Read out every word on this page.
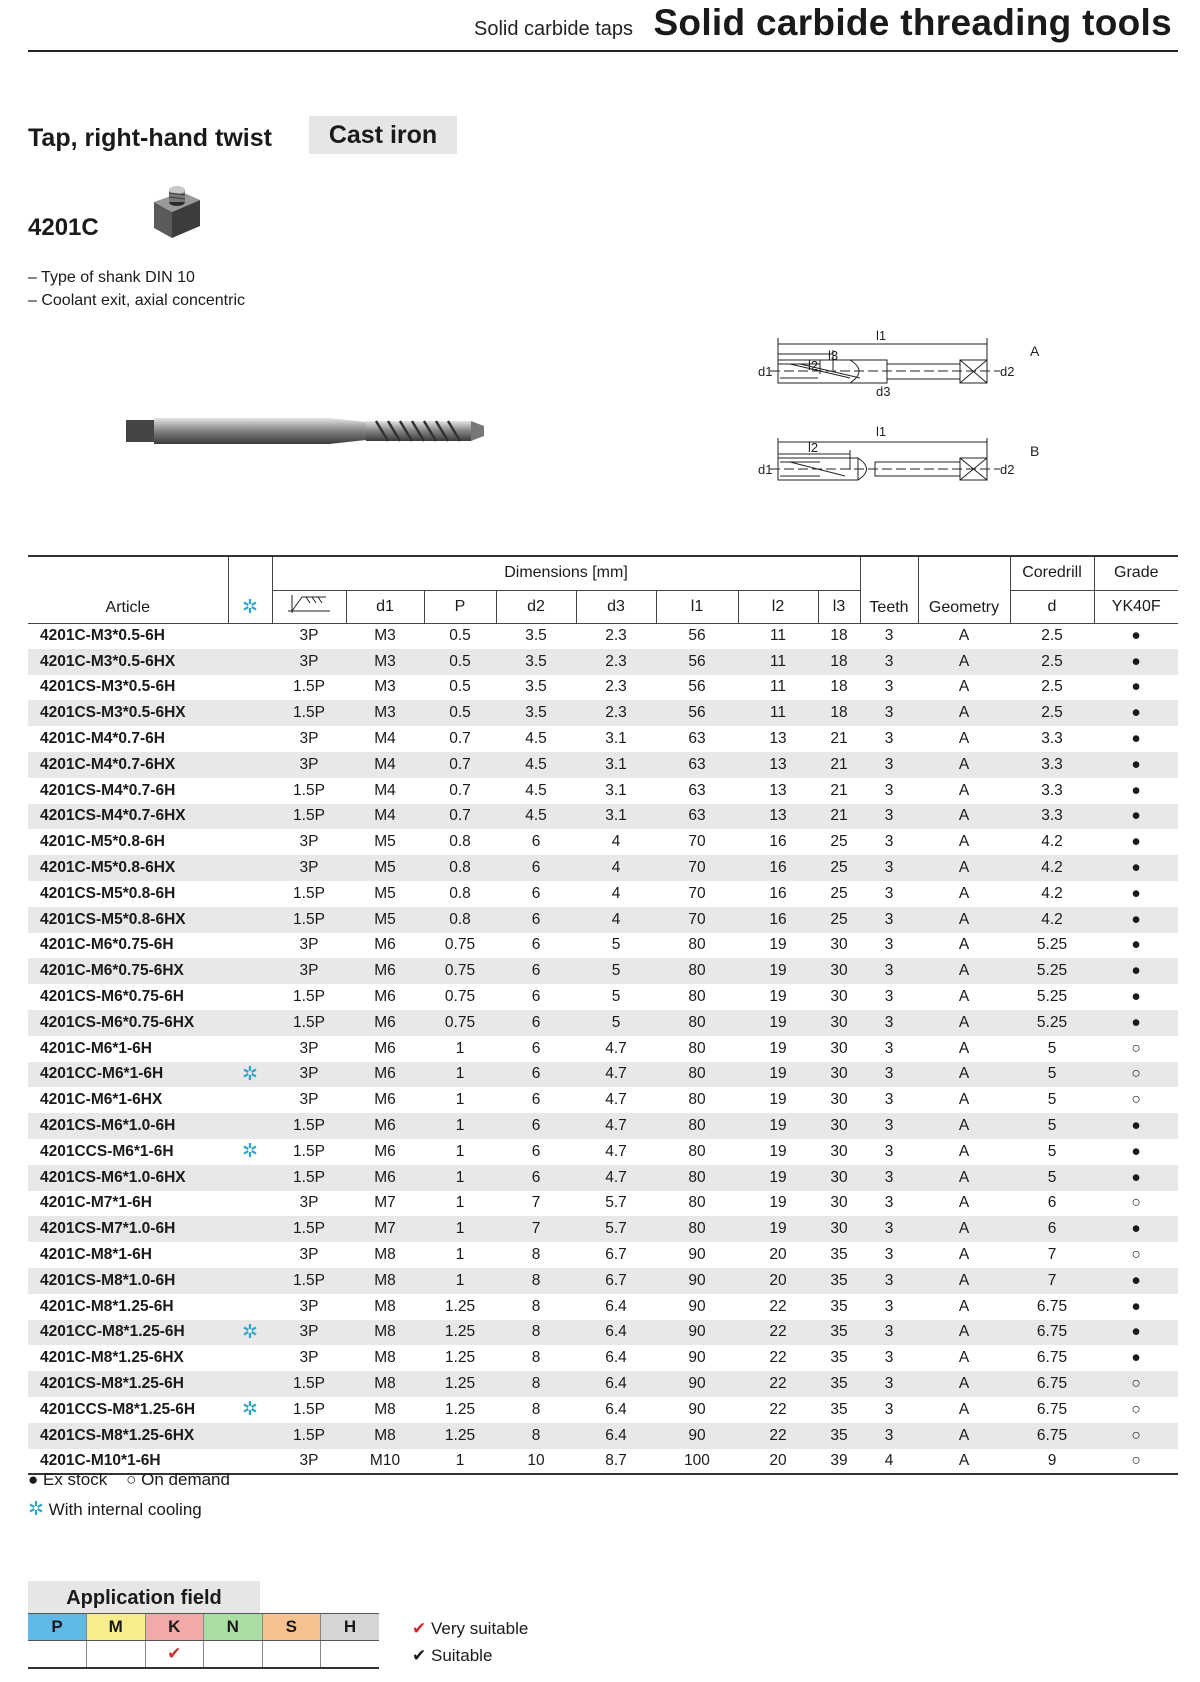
Solid carbide taps Solid carbide threading tools
Tap, right-hand twist	Cast iron
4201C
– Type of shank DIN 10
– Coolant exit, axial concentric
l1
l3
l2
d1	d2
d3
A
l1
l2
d1	d2
B
Article	✲	Dimensions [mm]								Teeth	Geometry	Coredrill	Grade
	d1	P	d2	d3	l1	l2	l3			d	YK40F
4201C-M3*0.5-6H		3P	M3	0.5	3.5	2.3	56	11	18	3	A	2.5	●
4201C-M3*0.5-6HX		3P	M3	0.5	3.5	2.3	56	11	18	3	A	2.5	●
4201CS-M3*0.5-6H		1.5P	M3	0.5	3.5	2.3	56	11	18	3	A	2.5	●
4201CS-M3*0.5-6HX		1.5P	M3	0.5	3.5	2.3	56	11	18	3	A	2.5	●
4201C-M4*0.7-6H		3P	M4	0.7	4.5	3.1	63	13	21	3	A	3.3	●
4201C-M4*0.7-6HX		3P	M4	0.7	4.5	3.1	63	13	21	3	A	3.3	●
4201CS-M4*0.7-6H		1.5P	M4	0.7	4.5	3.1	63	13	21	3	A	3.3	●
4201CS-M4*0.7-6HX		1.5P	M4	0.7	4.5	3.1	63	13	21	3	A	3.3	●
4201C-M5*0.8-6H		3P	M5	0.8	6	4	70	16	25	3	A	4.2	●
4201C-M5*0.8-6HX		3P	M5	0.8	6	4	70	16	25	3	A	4.2	●
4201CS-M5*0.8-6H		1.5P	M5	0.8	6	4	70	16	25	3	A	4.2	●
4201CS-M5*0.8-6HX		1.5P	M5	0.8	6	4	70	16	25	3	A	4.2	●
4201C-M6*0.75-6H		3P	M6	0.75	6	5	80	19	30	3	A	5.25	●
4201C-M6*0.75-6HX		3P	M6	0.75	6	5	80	19	30	3	A	5.25	●
4201CS-M6*0.75-6H		1.5P	M6	0.75	6	5	80	19	30	3	A	5.25	●
4201CS-M6*0.75-6HX		1.5P	M6	0.75	6	5	80	19	30	3	A	5.25	●
4201C-M6*1-6H		3P	M6	1	6	4.7	80	19	30	3	A	5	○
4201CC-M6*1-6H	✲	3P	M6	1	6	4.7	80	19	30	3	A	5	○
4201C-M6*1-6HX		3P	M6	1	6	4.7	80	19	30	3	A	5	○
4201CS-M6*1.0-6H		1.5P	M6	1	6	4.7	80	19	30	3	A	5	●
4201CCS-M6*1-6H	✲	1.5P	M6	1	6	4.7	80	19	30	3	A	5	●
4201CS-M6*1.0-6HX		1.5P	M6	1	6	4.7	80	19	30	3	A	5	●
4201C-M7*1-6H		3P	M7	1	7	5.7	80	19	30	3	A	6	○
4201CS-M7*1.0-6H		1.5P	M7	1	7	5.7	80	19	30	3	A	6	●
4201C-M8*1-6H		3P	M8	1	8	6.7	90	20	35	3	A	7	○
4201CS-M8*1.0-6H		1.5P	M8	1	8	6.7	90	20	35	3	A	7	●
4201C-M8*1.25-6H		3P	M8	1.25	8	6.4	90	22	35	3	A	6.75	●
4201CC-M8*1.25-6H	✲	3P	M8	1.25	8	6.4	90	22	35	3	A	6.75	●
4201C-M8*1.25-6HX		3P	M8	1.25	8	6.4	90	22	35	3	A	6.75	●
4201CS-M8*1.25-6H		1.5P	M8	1.25	8	6.4	90	22	35	3	A	6.75	○
4201CCS-M8*1.25-6H	✲	1.5P	M8	1.25	8	6.4	90	22	35	3	A	6.75	○
4201CS-M8*1.25-6HX		1.5P	M8	1.25	8	6.4	90	22	35	3	A	6.75	○
4201C-M10*1-6H		3P	M10	1	10	8.7	100	20	39	4	A	9	○
● Ex stock ○ On demand
✲ With internal cooling
Application field
P	M	K	N	S	H
		✔			
✔ Very suitable
✔ Suitable
